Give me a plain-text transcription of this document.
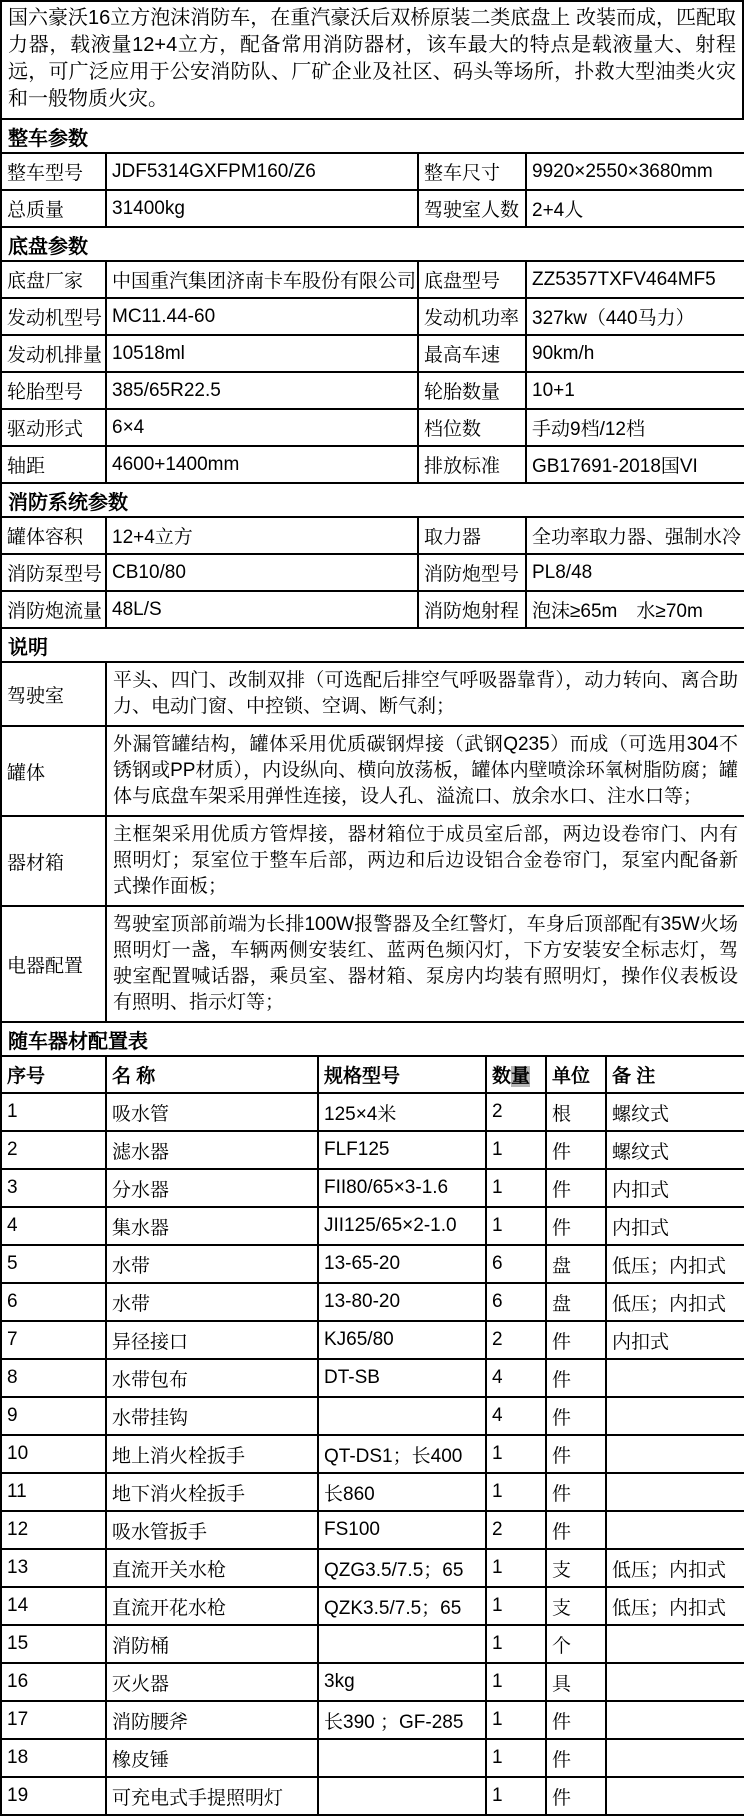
国六豪沃16立方泡沫消防车，在重汽豪沃后双桥原装二类底盘上 改装而成，匹配取力器，载液量12+4立方，配备常用消防器材，该车最大的特点是载液量大、射程远，可广泛应用于公安消防队、厂矿企业及社区、码头等场所，扑救大型油类火灾和一般物质火灾。
整车参数			
整车型号	JDF5314GXFPM160/Z6	整车尺寸	9920×2550×3680mm
总质量	31400kg	驾驶室人数	2+4人
底盘参数			
底盘厂家	中国重汽集团济南卡车股份有限公司	底盘型号	ZZ5357TXFV464MF5
发动机型号	MC11.44-60	发动机功率	327kw（440马力）
发动机排量	10518ml	最高车速	90km/h
轮胎型号	385/65R22.5	轮胎数量	10+1
驱动形式	6×4	档位数	手动9档/12档
轴距	4600+1400mm	排放标准	GB17691-2018国VI
消防系统参数			
罐体容积	12+4立方	取力器	全功率取力器、强制水冷
消防泵型号	CB10/80	消防炮型号	PL8/48
消防炮流量	48L/S	消防炮射程	泡沫≥65m　水≥70m
说明			
驾驶室	平头、四门、改制双排（可选配后排空气呼吸器靠背），动力转向、离合助力、电动门窗、中控锁、空调、断气刹；		
罐体	外漏管罐结构，罐体采用优质碳钢焊接（武钢Q235）而成（可选用304不锈钢或PP材质），内设纵向、横向放荡板，罐体内壁喷涂环氧树脂防腐；罐体与底盘车架采用弹性连接，设人孔、溢流口、放余水口、注水口等；		
器材箱	主框架采用优质方管焊接，器材箱位于成员室后部，两边设卷帘门、内有照明灯；泵室位于整车后部，两边和后边设铝合金卷帘门，泵室内配备新式操作面板；		
电器配置	驾驶室顶部前端为长排100W报警器及全红警灯，车身后顶部配有35W火场照明灯一盏，车辆两侧安装红、蓝两色频闪灯，下方安装安全标志灯，驾驶室配置喊话器，乘员室、器材箱、泵房内均装有照明灯，操作仪表板设有照明、指示灯等；		
随车器材配置表					
序号	名 称	规格型号	数量	单位	备 注
1	吸水管	125×4米	2	根	螺纹式
2	滤水器	FLF125	1	件	螺纹式
3	分水器	FII80/65×3-1.6	1	件	内扣式
4	集水器	JII125/65×2-1.0	1	件	内扣式
5	水带	13-65-20	6	盘	低压；内扣式
6	水带	13-80-20	6	盘	低压；内扣式
7	异径接口	KJ65/80	2	件	内扣式
8	水带包布	DT-SB	4	件	
9	水带挂钩		4	件	
10	地上消火栓扳手	QT-DS1；长400	1	件	
11	地下消火栓扳手	长860	1	件	
12	吸水管扳手	FS100	2	件	
13	直流开关水枪	QZG3.5/7.5；65	1	支	低压；内扣式
14	直流开花水枪	QZK3.5/7.5；65	1	支	低压；内扣式
15	消防桶		1	个	
16	灭火器	3kg	1	具	
17	消防腰斧	长390 ；GF-285	1	件	
18	橡皮锤		1	件	
19	可充电式手提照明灯		1	件	
